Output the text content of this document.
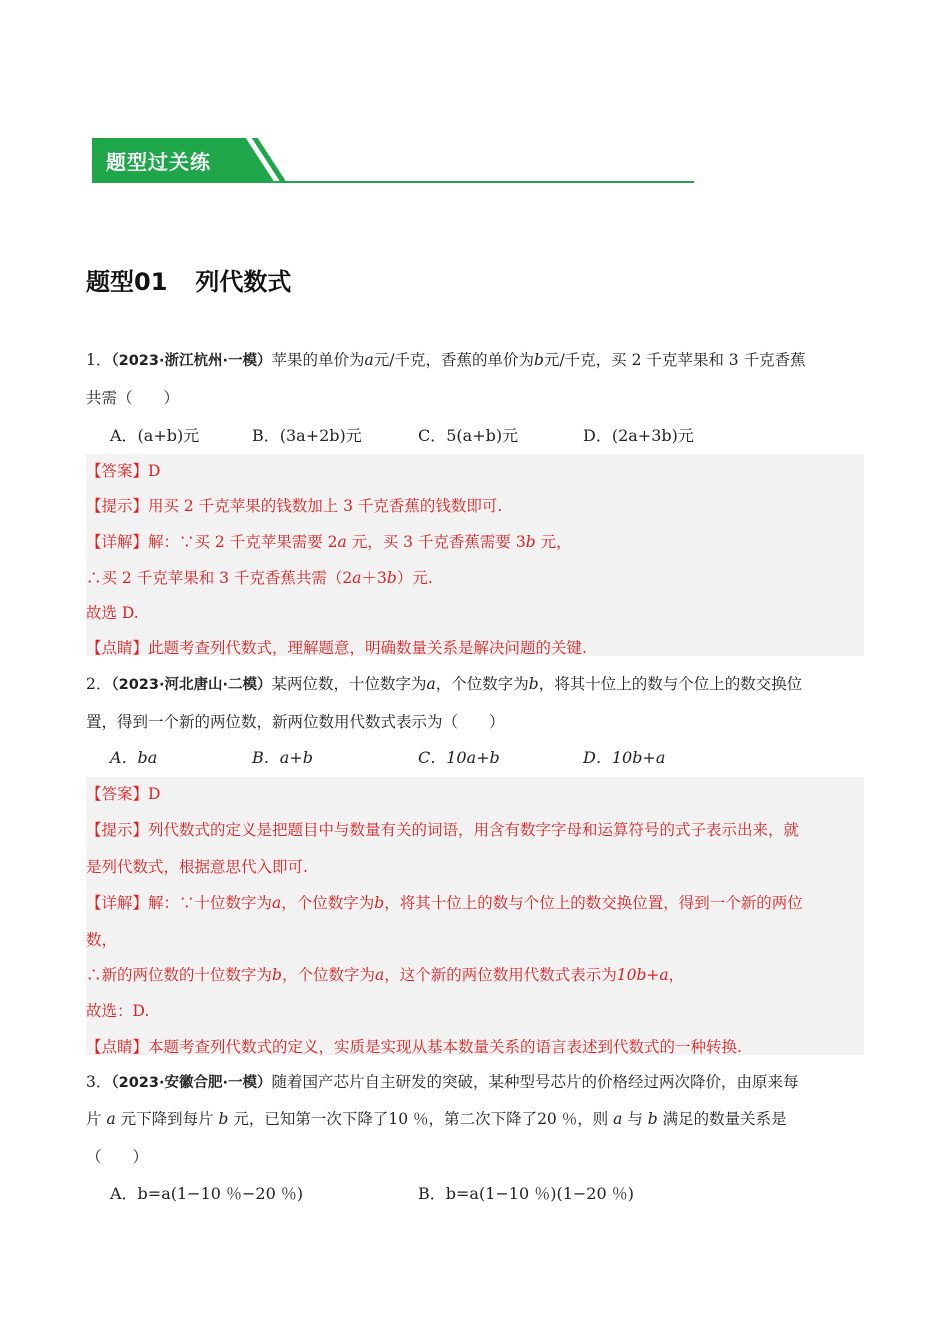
题型过关练
题型01 列代数式
1．（2023·浙江杭州·一模）苹果的单价为a元/千克，香蕉的单价为b元/千克，买 2 千克苹果和 3 千克香蕉
共需（　　）
A．(a+b)元	B．(3a+2b)元	C．5(a+b)元	D．(2a+3b)元
【答案】D
【提示】用买 2 千克苹果的钱数加上 3 千克香蕉的钱数即可.
【详解】解：∵买 2 千克苹果需要 2a 元，买 3 千克香蕉需要 3b 元，
∴买 2 千克苹果和 3 千克香蕉共需（2a＋3b）元.
故选 D.
【点睛】此题考查列代数式，理解题意，明确数量关系是解决问题的关键.
2．（2023·河北唐山·二模）某两位数，十位数字为a，个位数字为b，将其十位上的数与个位上的数交换位
置，得到一个新的两位数，新两位数用代数式表示为（　　）
A．ba	B．a+b	C．10a+b	D．10b+a
【答案】D
【提示】列代数式的定义是把题目中与数量有关的词语，用含有数字字母和运算符号的式子表示出来，就
是列代数式，根据意思代入即可.
【详解】解：∵十位数字为a，个位数字为b，将其十位上的数与个位上的数交换位置，得到一个新的两位
数，
∴新的两位数的十位数字为b，个位数字为a，这个新的两位数用代数式表示为10b+a，
故选：D.
【点睛】本题考查列代数式的定义，实质是实现从基本数量关系的语言表述到代数式的一种转换.
3．（2023·安徽合肥·一模）随着国产芯片自主研发的突破，某种型号芯片的价格经过两次降价，由原来每
片 a 元下降到每片 b 元，已知第一次下降了10 ％，第二次下降了20 ％，则 a 与 b 满足的数量关系是
（　　）
A．b=a(1−10 ％−20 ％)	B．b=a(1−10 ％)(1−20 ％)
